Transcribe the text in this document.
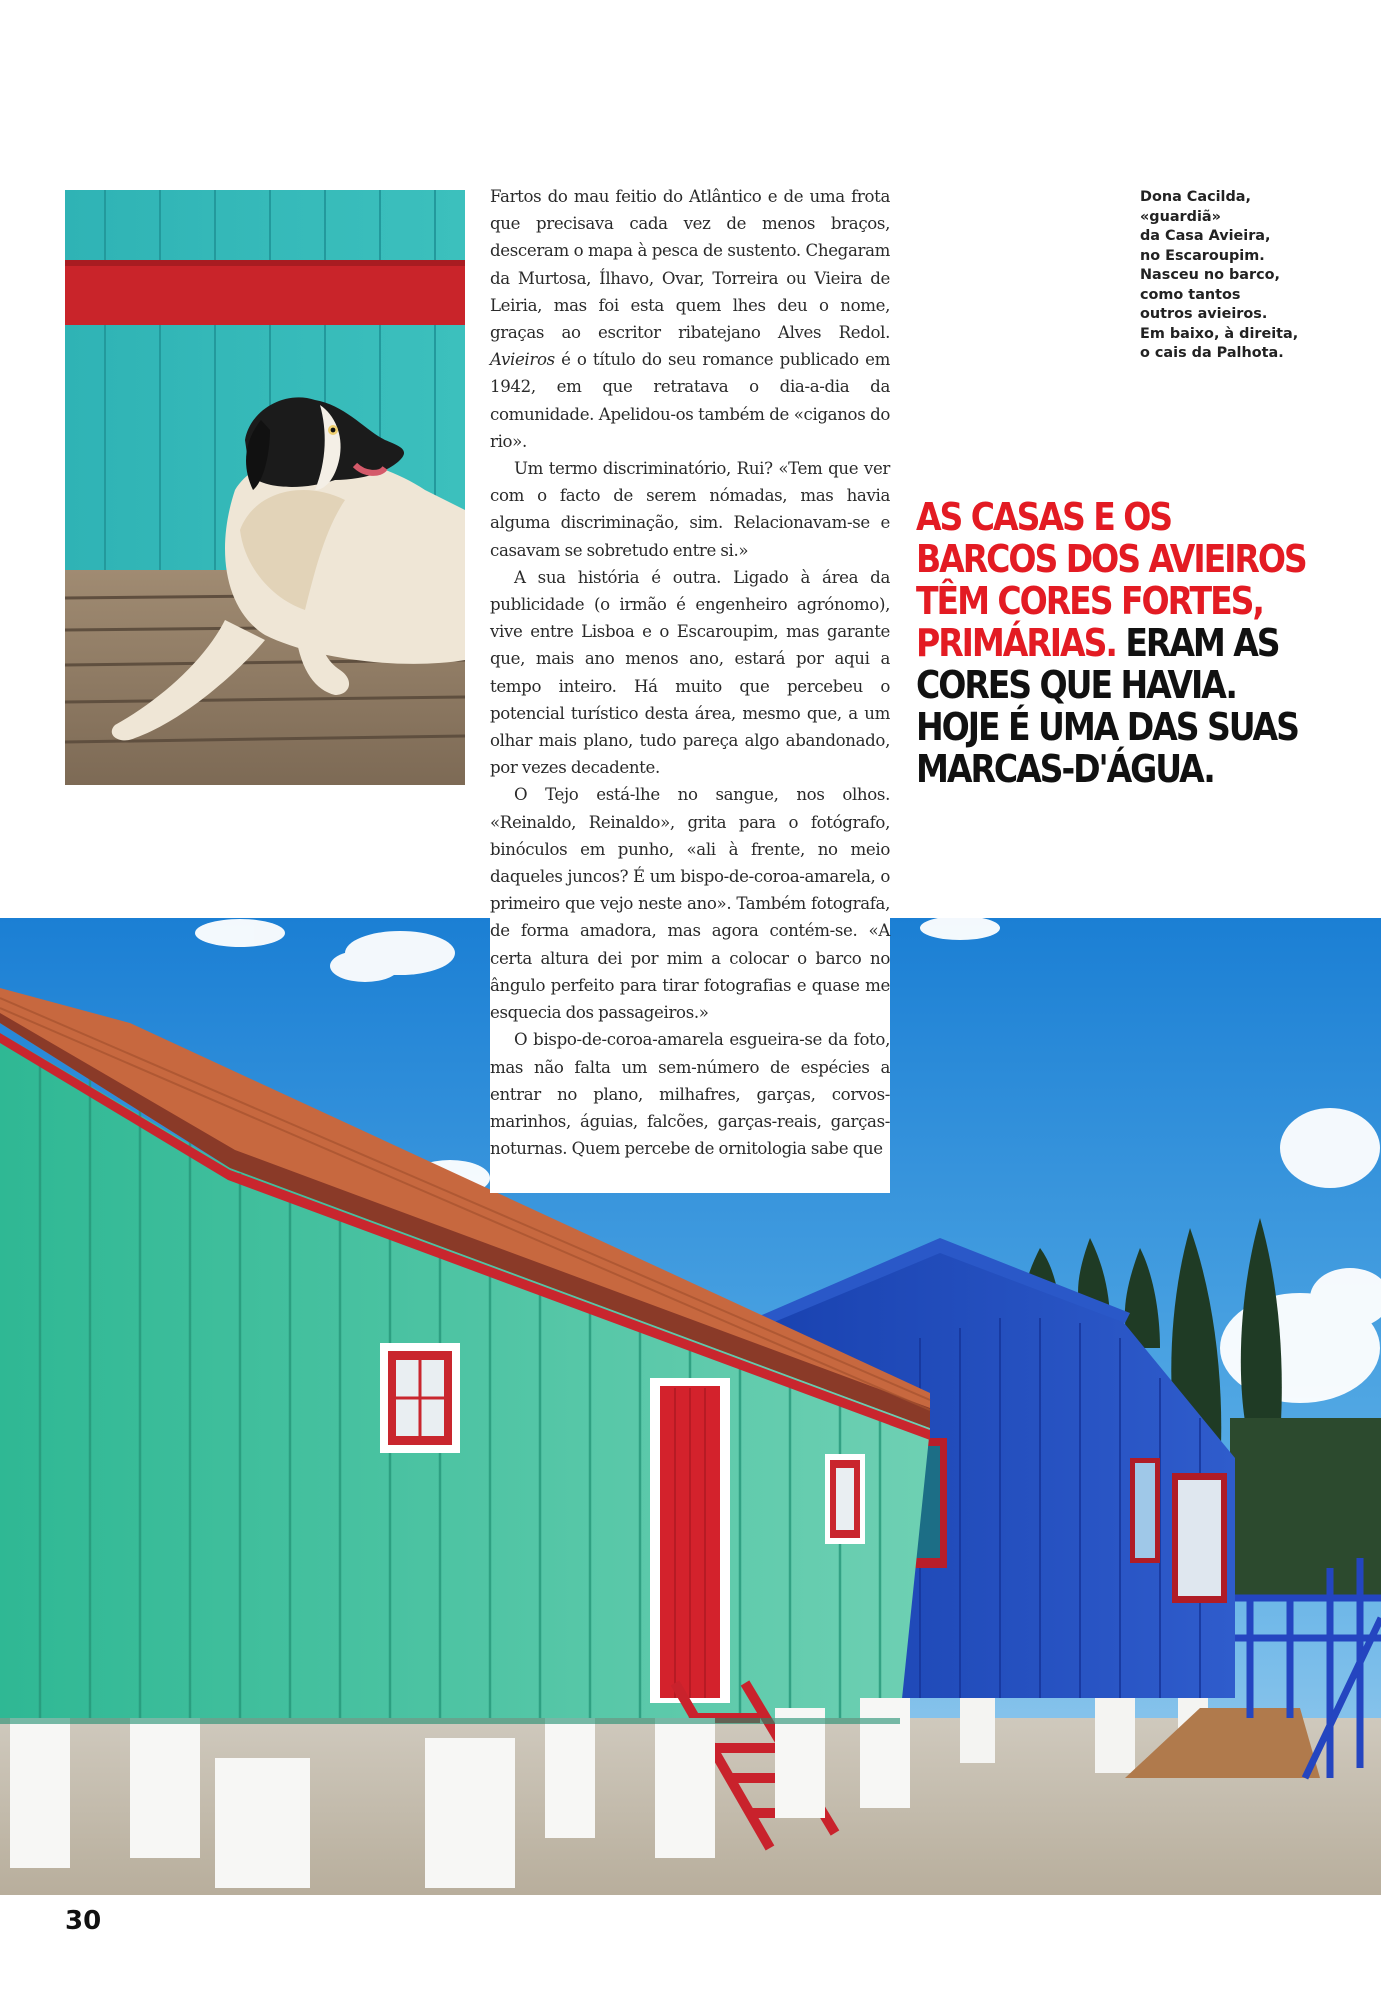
Fartos do mau feitio do Atlântico e de uma frota que precisava cada vez de menos braços, desceram o mapa à pesca de sustento. Chegaram da Murtosa, Ílhavo, Ovar, Torreira ou Vieira de Leiria, mas foi esta quem lhes deu o nome, graças ao escritor ribatejano Alves Redol. Avieiros é o título do seu romance publicado em 1942, em que retratava o dia-a-dia da comunidade. Apelidou-os também de «ciganos do rio».

Um termo discriminatório, Rui? «Tem que ver com o facto de serem nómadas, mas havia alguma discriminação, sim. Relacionavam-se e casavam se sobretudo entre si.»

A sua história é outra. Ligado à área da publicidade (o irmão é engenheiro agrónomo), vive entre Lisboa e o Escaroupim, mas garante que, mais ano menos ano, estará por aqui a tempo inteiro. Há muito que percebeu o potencial turístico desta área, mesmo que, a um olhar mais plano, tudo pareça algo abandonado, por vezes decadente.

O Tejo está-lhe no sangue, nos olhos. «Reinaldo, Reinaldo», grita para o fotógrafo, binóculos em punho, «ali à frente, no meio daqueles juncos? É um bispo-de-coroa-amarela, o primeiro que vejo neste ano». Também fotografa, de forma amadora, mas agora contém-se. «A certa altura dei por mim a colocar o barco no ângulo perfeito para tirar fotografias e quase me esquecia dos passageiros.»

O bispo-de-coroa-amarela esgueira-se da foto, mas não falta um sem-número de espécies a entrar no plano, milhafres, garças, corvos-marinhos, águias, falcões, garças-reais, garças-noturnas. Quem percebe de ornitologia sabe que

Dona Cacilda,
«guardiã»
da Casa Avieira,
no Escaroupim.
Nasceu no barco,
como tantos
outros avieiros.
Em baixo, à direita,
o cais da Palhota.
AS CASAS E OS BARCOS DOS AVIEIROS TÊM CORES FORTES, PRIMÁRIAS. ERAM AS CORES QUE HAVIA. HOJE É UMA DAS SUAS MARCAS-D'ÁGUA.
30
